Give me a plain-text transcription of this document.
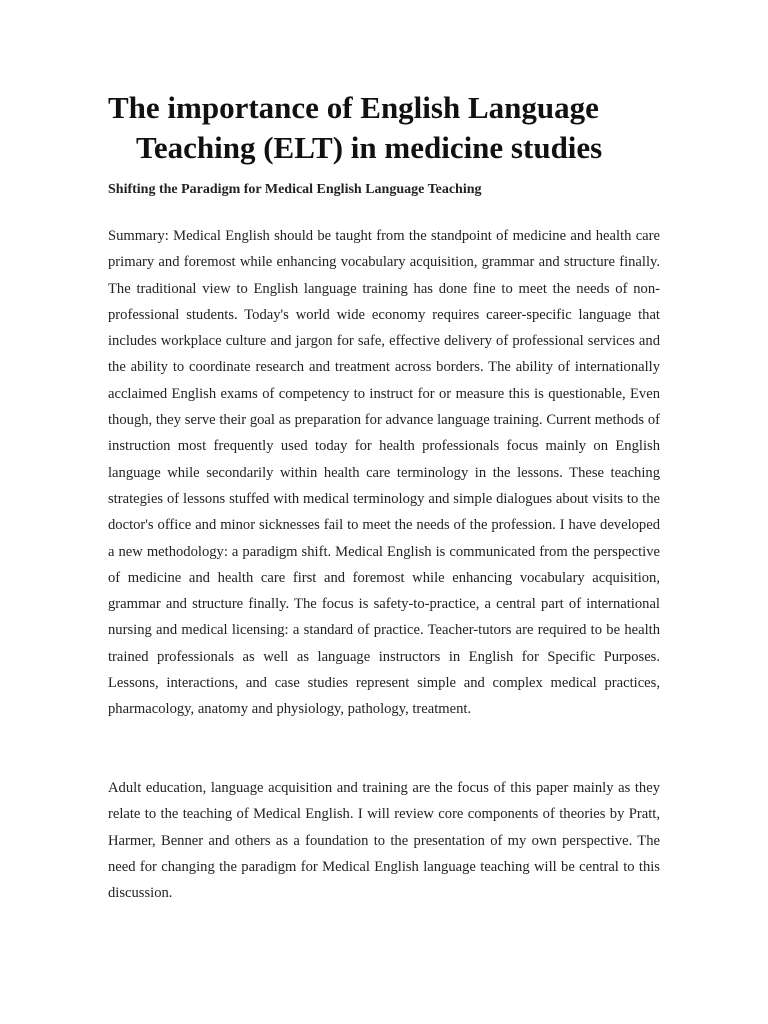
The importance of English Language
Teaching (ELT) in medicine studies
Shifting the Paradigm for Medical English Language Teaching

Summary: Medical English should be taught from the standpoint of medicine and health care primary and foremost while enhancing vocabulary acquisition, grammar and structure finally. The traditional view to English language training has done fine to meet the needs of non-professional students. Today's world wide economy requires career-specific language that includes workplace culture and jargon for safe, effective delivery of professional services and the ability to coordinate research and treatment across borders. The ability of internationally acclaimed English exams of competency to instruct for or measure this is questionable, Even though, they serve their goal as preparation for advance language training. Current methods of instruction most frequently used today for health professionals focus mainly on English language while secondarily within health care terminology in the lessons. These teaching strategies of lessons stuffed with medical terminology and simple dialogues about visits to the doctor's office and minor sicknesses fail to meet the needs of the profession. I have developed a new methodology: a paradigm shift. Medical English is communicated from the perspective of medicine and health care first and foremost while enhancing vocabulary acquisition, grammar and structure finally. The focus is safety-to-practice, a central part of international nursing and medical licensing: a standard of practice. Teacher-tutors are required to be health trained professionals as well as language instructors in English for Specific Purposes. Lessons, interactions, and case studies represent simple and complex medical practices, pharmacology, anatomy and physiology, pathology, treatment.

Adult education, language acquisition and training are the focus of this paper mainly as they relate to the teaching of Medical English. I will review core components of theories by Pratt, Harmer, Benner and others as a foundation to the presentation of my own perspective. The need for changing the paradigm for Medical English language teaching will be central to this discussion.
